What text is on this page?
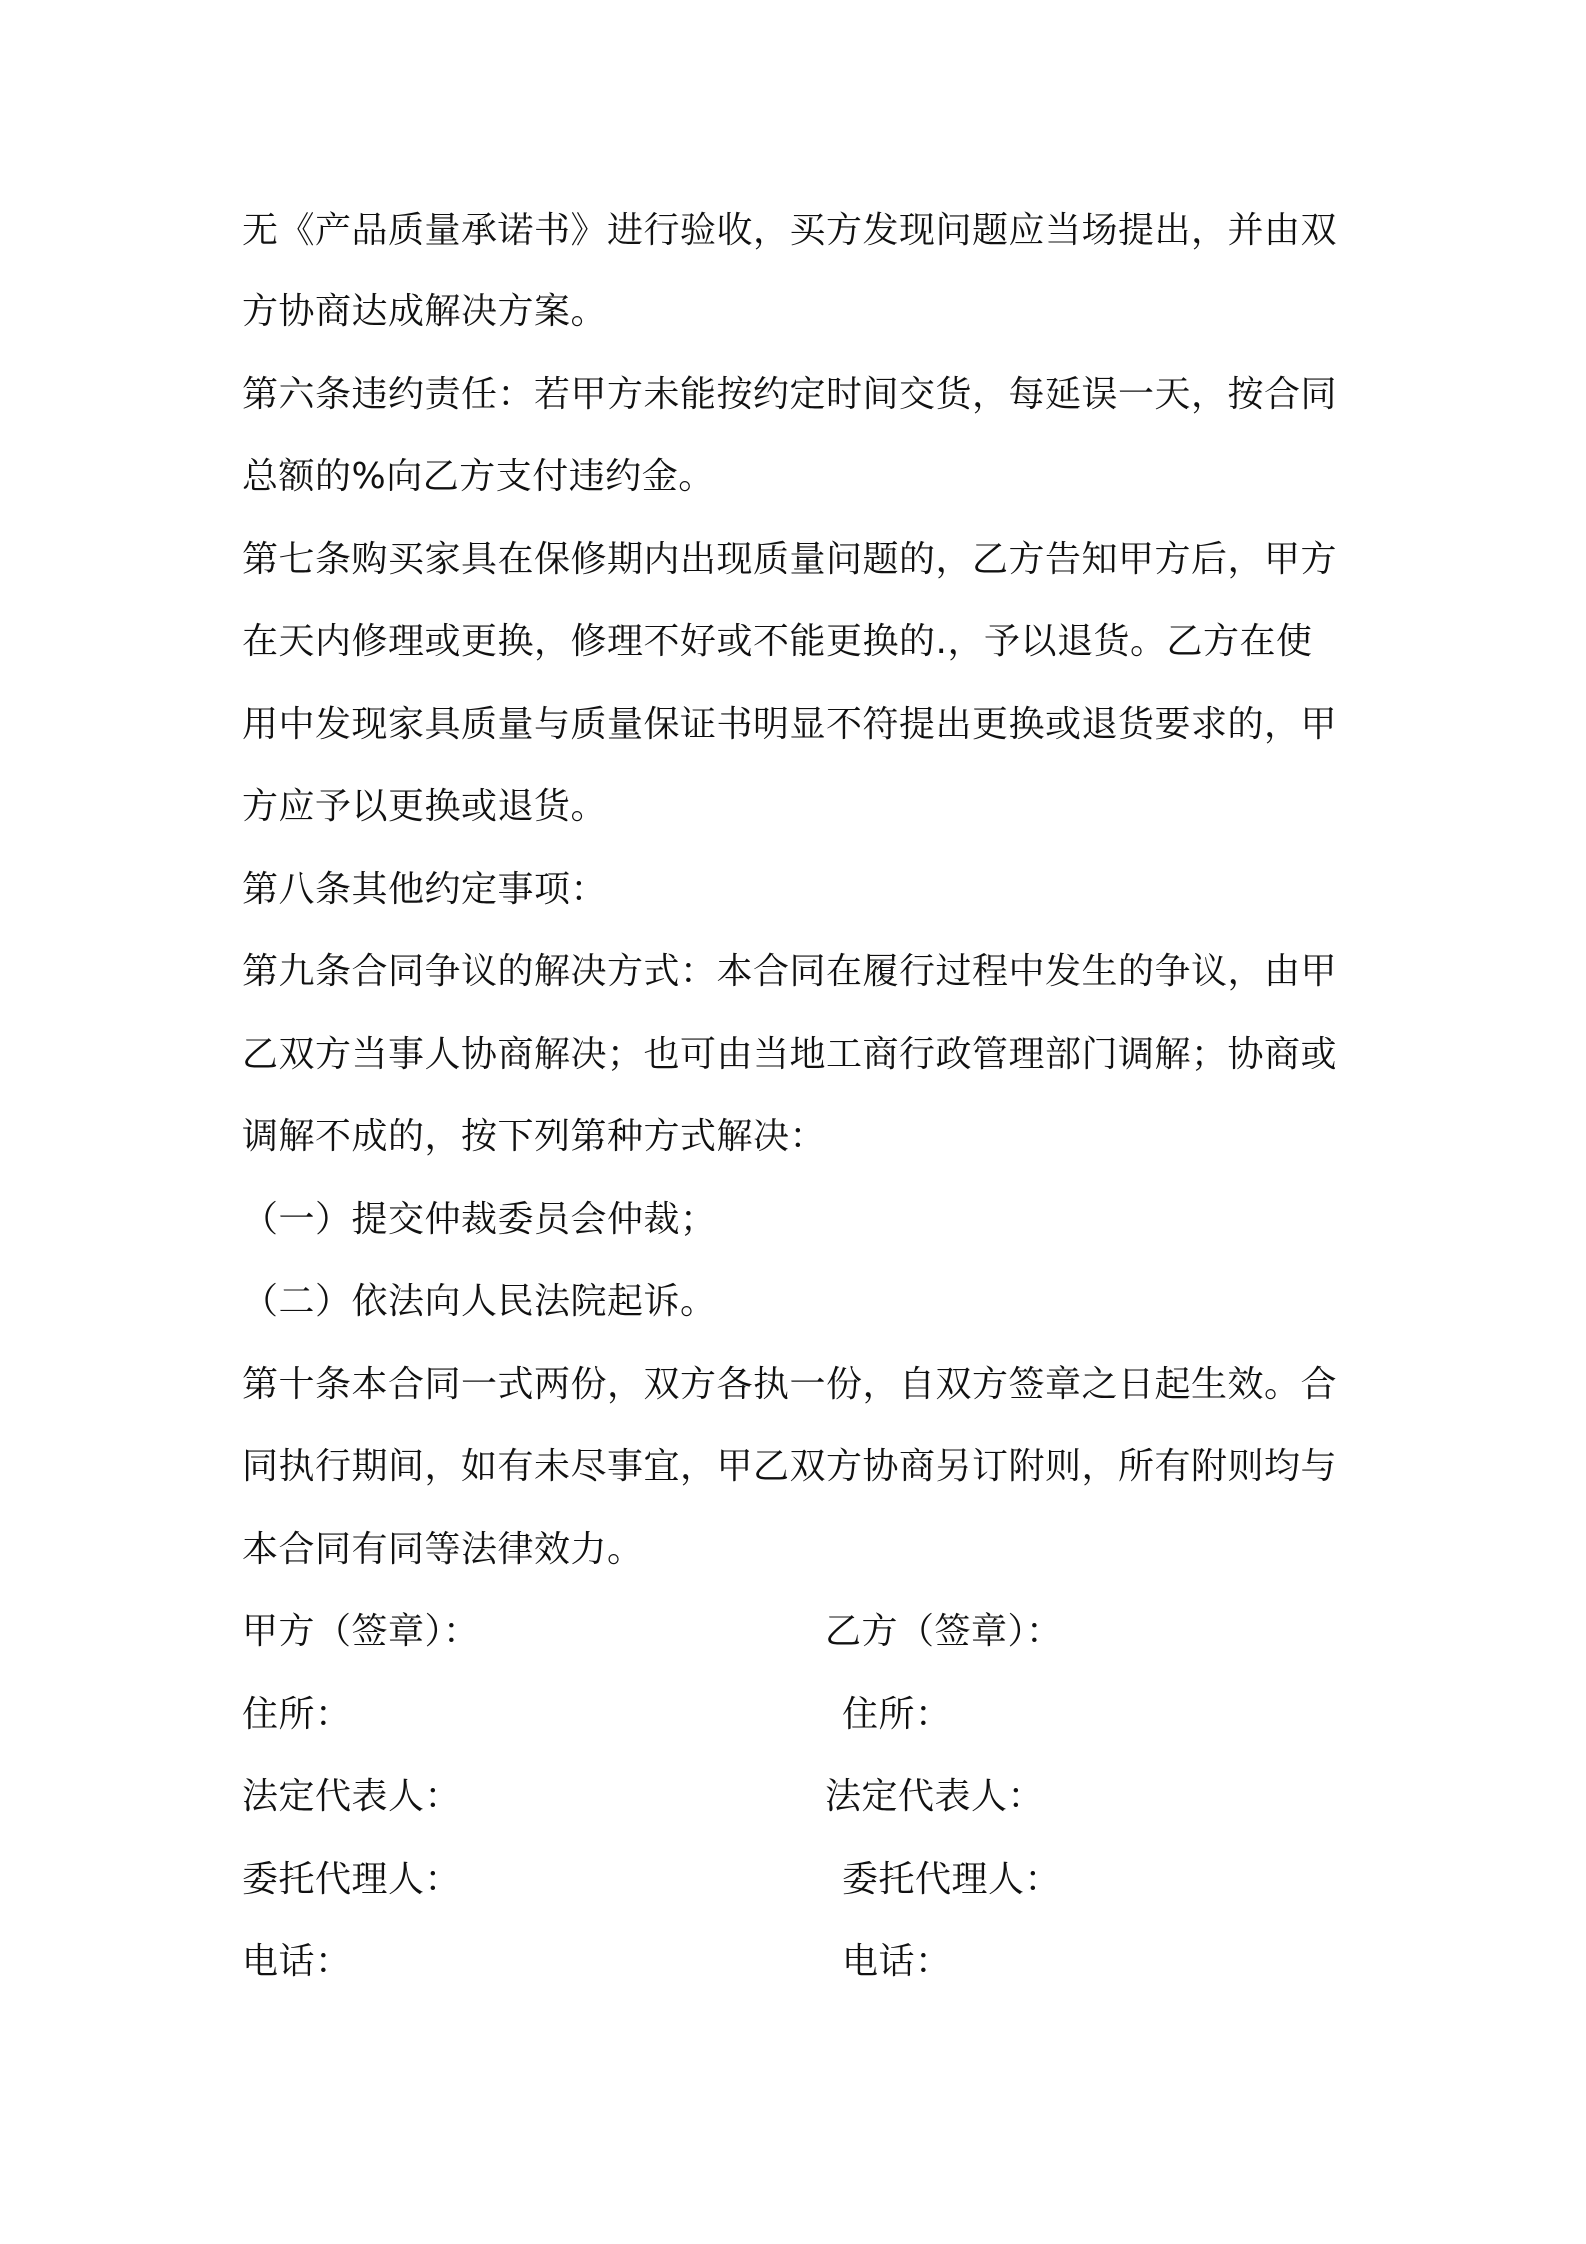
无《产品质量承诺书》进行验收，买方发现问题应当场提出，并由双
方协商达成解决方案。
第六条违约责任：若甲方未能按约定时间交货，每延误一天，按合同
总额的%向乙方支付违约金。
第七条购买家具在保修期内出现质量问题的，乙方告知甲方后，甲方
在天内修理或更换，修理不好或不能更换的.，予以退货。乙方在使
用中发现家具质量与质量保证书明显不符提出更换或退货要求的，甲
方应予以更换或退货。
第八条其他约定事项：
第九条合同争议的解决方式：本合同在履行过程中发生的争议，由甲
乙双方当事人协商解决；也可由当地工商行政管理部门调解；协商或
调解不成的，按下列第种方式解决：
（一）提交仲裁委员会仲裁；
（二）依法向人民法院起诉。
第十条本合同一式两份，双方各执一份，自双方签章之日起生效。合
同执行期间，如有未尽事宜，甲乙双方协商另订附则，所有附则均与
本合同有同等法律效力。
甲方（签章）：
住所：
法定代表人：
委托代理人：
电话：
乙方（签章）：
住所：
法定代表人：
委托代理人：
电话：
